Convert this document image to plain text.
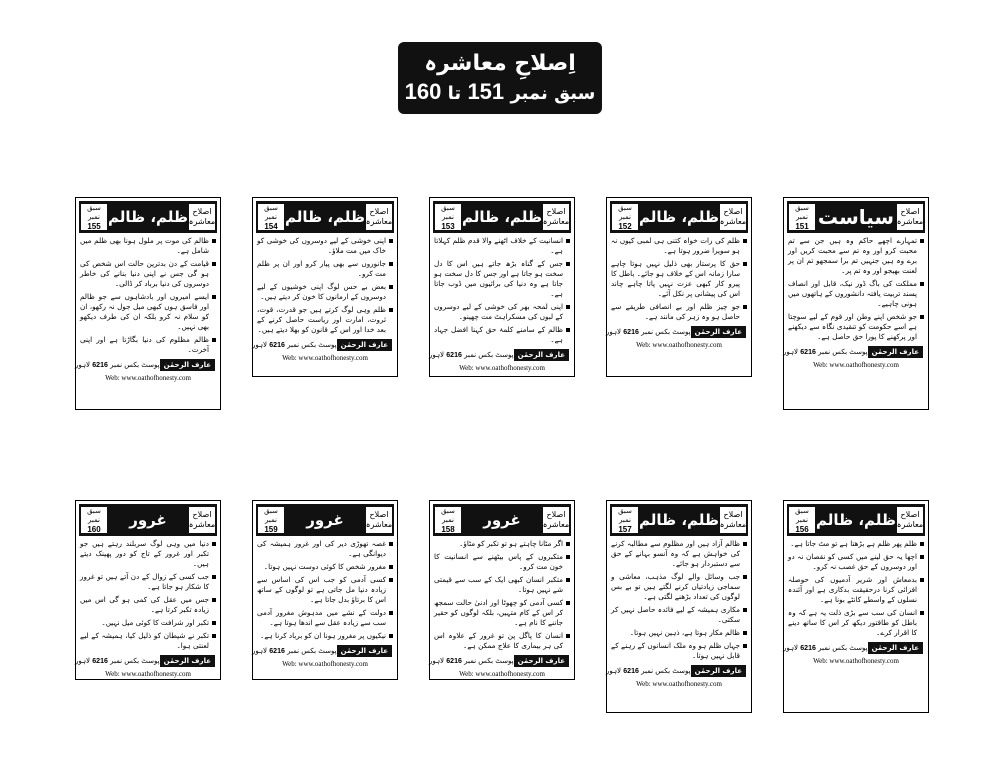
اِصلاحِ معاشرہ
سبق نمبر 151 تا 160
اصلاح معاشرہ
سیاست
سبق
نمبر
151
تمہارے اچھے حاکم وہ ہیں جن سے تم محبت کرو اور وہ تم سے محبت کریں اور برے وہ ہیں جنہیں تم برا سمجھو تم ان پر لعنت بھیجو اور وہ تم پر۔
مملکت کی باگ ڈور نیک، قابل اور انصاف پسند تربیت یافتہ دانشوروں کے ہاتھوں میں ہونی چاہیے۔
جو شخص اپنے وطن اور قوم کے لیے سوچتا ہے اسے حکومت کو تنقیدی نگاہ سے دیکھنے اور پرکھنے کا پورا حق حاصل ہے۔
عارف الرحمٰن
پوسٹ بکس نمبر 6216 لاہور
Web: www.oathofhonesty.com
اصلاح معاشرہ
ظلم، ظالم
سبق
نمبر
152
ظلم کی رات خواہ کتنی ہی لمبی کیوں نہ ہو سویرا ضرور ہوتا ہے۔
حق کا پرستار بھی ذلیل نہیں ہوتا چاہے سارا زمانہ اس کے خلاف ہو جائے۔ باطل کا پیرو کار کبھی عزت نہیں پاتا چاہے چاند اس کی پیشانی پر نکل آئے۔
جو چیز ظلم اور بے انصافی طریقے سے حاصل ہو وہ زہر کی مانند ہے۔
عارف الرحمٰن
پوسٹ بکس نمبر 6216 لاہور
Web: www.oathofhonesty.com
اصلاح معاشرہ
ظلم، ظالم
سبق
نمبر
153
انسانیت کے خلاف اٹھنے والا قدم ظلم کہلاتا ہے۔
جس کے گناہ بڑھ جاتے ہیں اس کا دل سخت ہو جاتا ہے اور جس کا دل سخت ہو جاتا ہے وہ دنیا کی برائیوں میں ڈوب جاتا ہے۔
اپنی لمحہ بھر کی خوشی کے لیے دوسروں کے لبوں کی مسکراہٹ مت چھینو۔
ظالم کے سامنے کلمۂ حق کہنا افضل جہاد ہے۔
عارف الرحمٰن
پوسٹ بکس نمبر 6216 لاہور
Web: www.oathofhonesty.com
اصلاح معاشرہ
ظلم، ظالم
سبق
نمبر
154
اپنی خوشی کے لیے دوسروں کی خوشی کو خاک میں مت ملاؤ۔
جانوروں سے بھی پیار کرو اور ان پر ظلم مت کرو۔
بعض بے حس لوگ اپنی خوشیوں کے لیے دوسروں کے ارمانوں کا خون کر دیتے ہیں۔
ظلم وہی لوگ کرتے ہیں جو قدرت، قوت، ثروت، امارت اور ریاست حاصل کرنے کے بعد خدا اور اس کے قانون کو بھلا دیتے ہیں۔
عارف الرحمٰن
پوسٹ بکس نمبر 6216 لاہور
Web: www.oathofhonesty.com
اصلاح معاشرہ
ظلم، ظالم
سبق
نمبر
155
ظالم کی موت پر ملول ہونا بھی ظلم میں شامل ہے۔
قیامت کے دن بدترین حالت اس شخص کی ہو گی جس نے اپنی دنیا بنانے کی خاطر دوسروں کی دنیا برباد کر ڈالی۔
ایسے امیروں اور بادشاہوں سے جو ظالم اور فاسق ہوں کبھی میل جول نہ رکھو، ان کو سلام نہ کرو بلکہ ان کی طرف دیکھو بھی نہیں۔
ظالم مظلوم کی دنیا بگاڑتا ہے اور اپنی آخرت۔
عارف الرحمٰن
پوسٹ بکس نمبر 6216 لاہور
Web: www.oathofhonesty.com
اصلاح معاشرہ
ظلم، ظالم
سبق
نمبر
156
ظلم پھر ظلم ہے بڑھتا ہے تو مٹ جاتا ہے۔
اچھا یہ حق لینے میں کسی کو نقصان نہ دو اور دوسروں کے حق غصب نہ کرو۔
بدمعاش اور شریر آدمیوں کی حوصلہ افزائی کرنا درحقیقت بدکاری ہے اور آئندہ نسلوں کے واسطے کانٹے بونا ہے۔
انسان کی سب سے بڑی ذلت یہ ہے کہ وہ باطل کو طاقتور دیکھ کر اس کا ساتھ دینے کا اقرار کرے۔
عارف الرحمٰن
پوسٹ بکس نمبر 6216 لاہور
Web: www.oathofhonesty.com
اصلاح معاشرہ
ظلم، ظالم
سبق
نمبر
157
ظالم آزاد ہیں اور مظلوم سے مطالبہ کرنے کی خواہش ہے کہ وہ آنسو بہانے کے حق سے دستبردار ہو جائے۔
جب وسائل والے لوگ مذہب، معاشی و سماجی زیادتیاں کرنے لگتے ہیں تو بے بس لوگوں کی تعداد بڑھنے لگتی ہے۔
مکاری ہمیشہ کے لیے فائدہ حاصل نہیں کر سکتی۔
ظالم مکار ہوتا ہے، ذہین نہیں ہوتا۔
جہاں ظلم ہو وہ ملک انسانوں کے رہنے کے قابل نہیں ہوتا۔
عارف الرحمٰن
پوسٹ بکس نمبر 6216 لاہور
Web: www.oathofhonesty.com
اصلاح معاشرہ
غرور
سبق
نمبر
158
اگر مٹانا چاہتے ہو تو تکبر کو مٹاؤ۔
متکبروں کے پاس بیٹھنے سے انسانیت کا خون مت کرو۔
متکبر انسان کبھی ایک کے سب سے قیمتی شے نہیں ہوتا۔
کسی آدمی کو چھوٹا اور ادنیٰ حالت سمجھ کر اس کے کام متہیں، بلکہ لوگوں کو حقیر جاننے کا نام ہے۔
انسان کا پاگل پن تو غرور کے علاوہ اس کی ہر بیماری کا علاج ممکن ہے۔
عارف الرحمٰن
پوسٹ بکس نمبر 6216 لاہور
Web: www.oathofhonesty.com
اصلاح معاشرہ
غرور
سبق
نمبر
159
غصہ تھوڑی دیر کی اور غرور ہمیشہ کی دیوانگی ہے۔
مغرور شخص کا کوئی دوست نہیں ہوتا۔
کسی آدمی کو جب اس کی اساس سے زیادہ دنیا مل جاتی ہے تو لوگوں کے ساتھ اس کا برتاؤ بدل جاتا ہے۔
دولت کے نشے میں مدہوش مغرور آدمی سب سے زیادہ عقل سے اندھا ہوتا ہے۔
نیکیوں پر مغرور ہونا ان کو برباد کرنا ہے۔
عارف الرحمٰن
پوسٹ بکس نمبر 6216 لاہور
Web: www.oathofhonesty.com
اصلاح معاشرہ
غرور
سبق
نمبر
160
دنیا میں وہی لوگ سربلند رہتے ہیں جو تکبر اور غرور کے تاج کو دور پھینک دیتے ہیں۔
جب کسی کے زوال کے دن آتے ہیں تو غرور کا شکار ہو جاتا ہے۔
جس میں عقل کی کمی ہو گی اس میں زیادہ تکبر کرتا ہے۔
تکبر اور شرافت کا کوئی میل نہیں۔
تکبر نے شیطان کو ذلیل کیا، ہمیشہ کے لیے لعنتی ہوا۔
عارف الرحمٰن
پوسٹ بکس نمبر 6216 لاہور
Web: www.oathofhonesty.com
